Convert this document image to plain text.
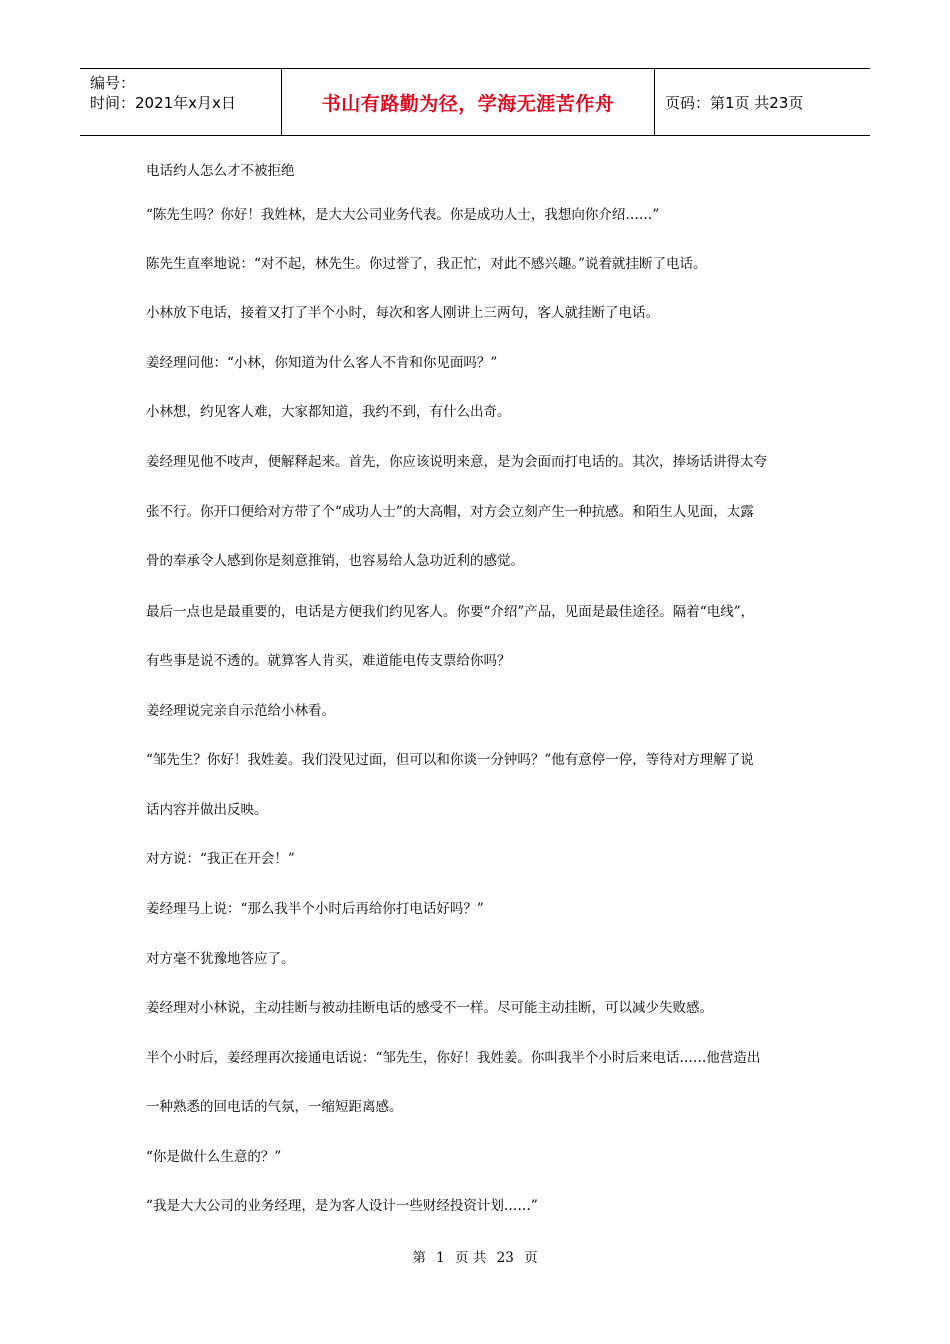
编号：
时间：2021年x月x日	书山有路勤为径，学海无涯苦作舟	页码：第1页 共23页
电话约人怎么才不被拒绝
“陈先生吗？你好！我姓林，是大大公司业务代表。你是成功人士，我想向你介绍……”
陈先生直率地说：“对不起，林先生。你过誉了，我正忙，对此不感兴趣。”说着就挂断了电话。
小林放下电话，接着又打了半个小时，每次和客人刚讲上三两句，客人就挂断了电话。
姜经理问他：“小林，你知道为什么客人不肯和你见面吗？”
小林想，约见客人难，大家都知道，我约不到，有什么出奇。
姜经理见他不吱声，便解释起来。首先，你应该说明来意，是为会面而打电话的。其次，捧场话讲得太夸
张不行。你开口便给对方带了个“成功人士”的大高帽，对方会立刻产生一种抗感。和陌生人见面，太露
骨的奉承令人感到你是刻意推销，也容易给人急功近利的感觉。
最后一点也是最重要的，电话是方便我们约见客人。你要“介绍”产品，见面是最佳途径。隔着“电线”，
有些事是说不透的。就算客人肯买，难道能电传支票给你吗？
姜经理说完亲自示范给小林看。
“邹先生？你好！我姓姜。我们没见过面，但可以和你谈一分钟吗？”他有意停一停，等待对方理解了说
话内容并做出反映。
对方说：“我正在开会！”
姜经理马上说：“那么我半个小时后再给你打电话好吗？”
对方毫不犹豫地答应了。
姜经理对小林说，主动挂断与被动挂断电话的感受不一样。尽可能主动挂断，可以减少失败感。
半个小时后，姜经理再次接通电话说：“邹先生，你好！我姓姜。你叫我半个小时后来电话……他营造出
一种熟悉的回电话的气氛，一缩短距离感。
“你是做什么生意的？”
“我是大大公司的业务经理，是为客人设计一些财经投资计划……”
第 1 页 共 23 页
